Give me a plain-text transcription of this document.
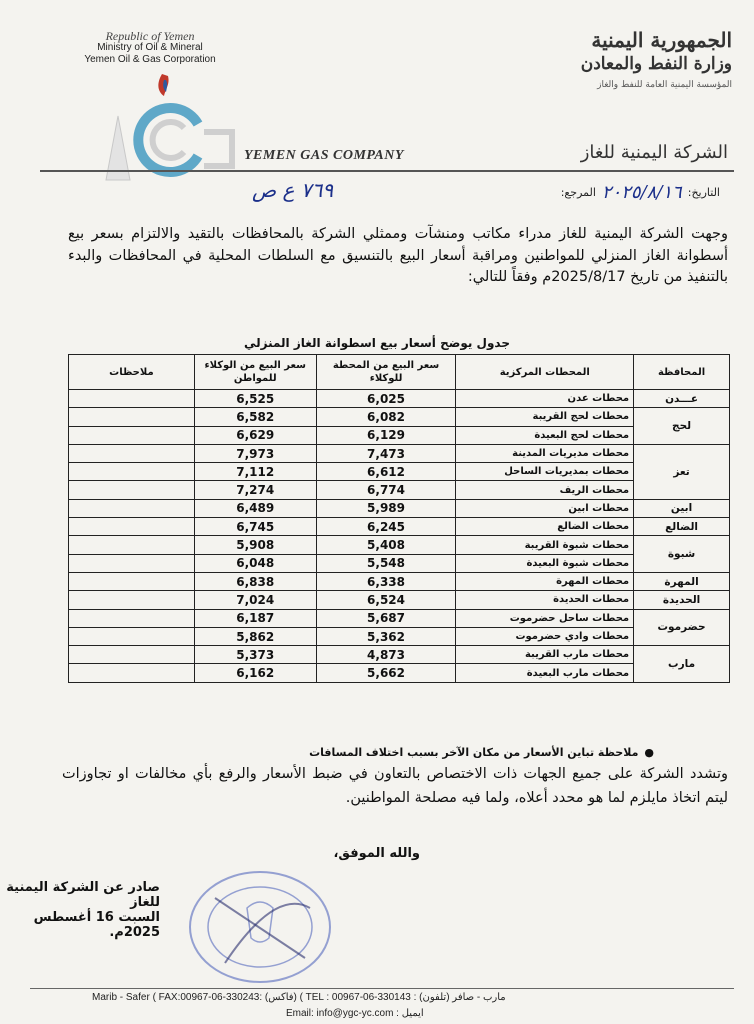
Republic of Yemen
Ministry of Oil & Mineral
Yemen Oil & Gas Corporation
الجمهورية اليمنية
وزارة النفط والمعادن
المؤسسة اليمنية العامة للنفط والغاز
YEMEN GAS COMPANY	الشركة اليمنية للغاز
التاريخ:
٢٠٢٥/٨/١٦
المرجع:
٧٦٩ ع ص
وجهت الشركة اليمنية للغاز مدراء مكاتب ومنشآت وممثلي الشركة بالمحافظات بالتقيد والالتزام بسعر بيع أسطوانة الغاز المنزلي للمواطنين ومراقبة أسعار البيع بالتنسيق مع السلطات المحلية في المحافظات والبدء بالتنفيذ من تاريخ 2025/8/17م وفقاً للتالي:
جدول يوضح أسعار بيع اسطوانة الغاز المنزلي
المحافظة	المحطات المركزية	سعر البيع من المحطة للوكلاء	سعر البيع من الوكلاء للمواطن	ملاحظات
عـــدن	محطات عدن	6,025	6,525	
لحج	محطات لحج القريبة	6,082	6,582	
	محطات لحج البعيدة	6,129	6,629	
تعز	محطات مديريات المدينة	7,473	7,973	
	محطات بمديريات الساحل	6,612	7,112	
	محطات الريف	6,774	7,274	
ابين	محطات ابين	5,989	6,489	
الضالع	محطات الضالع	6,245	6,745	
شبوة	محطات شبوة القريبة	5,408	5,908	
	محطات شبوة البعيدة	5,548	6,048	
المهرة	محطات المهرة	6,338	6,838	
الحديدة	محطات الحديدة	6,524	7,024	
حضرموت	محطات ساحل حضرموت	5,687	6,187	
	محطات وادي حضرموت	5,362	5,862	
مارب	محطات مارب القريبة	4,873	5,373	
	محطات مارب البعيدة	5,662	6,162	
●ملاحظة تباين الأسعار من مكان الآخر بسبب اختلاف المسافات
وتشدد الشركة على جميع الجهات ذات الاختصاص بالتعاون في ضبط الأسعار والرفع بأي مخالفات او تجاوزات ليتم اتخاذ مايلزم لما هو محدد أعلاه، ولما فيه مصلحة المواطنين.
والله الموفق،
صادر عن الشركة اليمنية للغاز
السبت 16 أغسطس 2025م.
Marib - Safer ( FAX:00967-06-330243: (فاكس) ( TEL : 00967-06-330143 : (تلفون) مارب - صافر
Email: info@ygc-yc.com : ايميل
